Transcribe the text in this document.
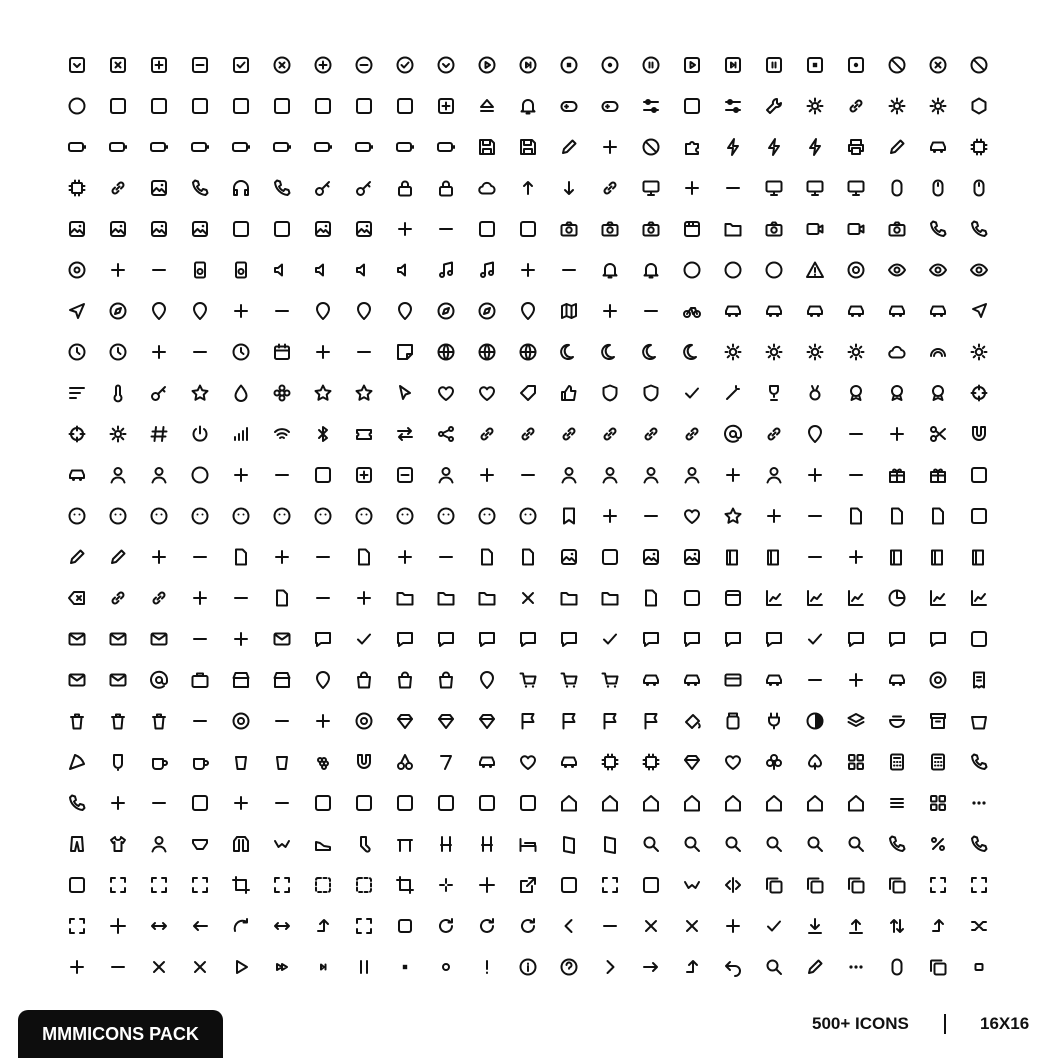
MMMICONS PACK	500+ ICONS	16X16
